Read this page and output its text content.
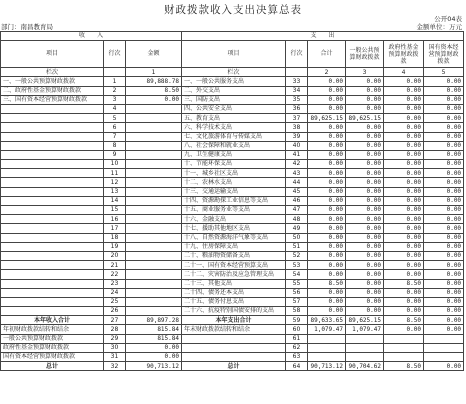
财政拨款收入支出决算总表
公开04表
部门：南昌教育局	金额单位：万元
收　　入			支　　出					
项目	行次	金额	项目	行次	合计	一般公共预算财政拨款	政府性基金预算财政拨款	国有资本经营预算财政拨款
栏次		1	栏次		2	3	4	5
一、一般公共预算财政拨款	1	89,888.78	一、一般公共服务支出	33	0.00	0.00	0.00	0.00
二、政府性基金预算财政拨款	2	8.50	二、外交支出	34	0.00	0.00	0.00	0.00
三、国有资本经营预算财政拨款	3	0.00	三、国防支出	35	0.00	0.00	0.00	0.00
	4		四、公共安全支出	36	0.00	0.00	0.00	0.00
	5		五、教育支出	37	89,625.15	89,625.15	0.00	0.00
	6		六、科学技术支出	38	0.00	0.00	0.00	0.00
	7		七、文化旅游体育与传媒支出	39	0.00	0.00	0.00	0.00
	8		八、社会保障和就业支出	40	0.00	0.00	0.00	0.00
	9		九、卫生健康支出	41	0.00	0.00	0.00	0.00
	10		十、节能环保支出	42	0.00	0.00	0.00	0.00
	11		十一、城乡社区支出	43	0.00	0.00	0.00	0.00
	12		十二、农林水支出	44	0.00	0.00	0.00	0.00
	13		十三、交通运输支出	45	0.00	0.00	0.00	0.00
	14		十四、资源勘探工业信息等支出	46	0.00	0.00	0.00	0.00
	15		十五、商业服务业等支出	47	0.00	0.00	0.00	0.00
	16		十六、金融支出	48	0.00	0.00	0.00	0.00
	17		十七、援助其他地区支出	49	0.00	0.00	0.00	0.00
	18		十八、自然资源海洋气象等支出	50	0.00	0.00	0.00	0.00
	19		十九、住房保障支出	51	0.00	0.00	0.00	0.00
	20		二十、粮油物资储备支出	52	0.00	0.00	0.00	0.00
	21		二十一、国有资本经营预算支出	53	0.00	0.00	0.00	0.00
	22		二十二、灾害防治及应急管理支出	54	0.00	0.00	0.00	0.00
	23		二十三、其他支出	55	8.50	0.00	8.50	0.00
	24		二十四、债务还本支出	56	0.00	0.00	0.00	0.00
	25		二十五、债务付息支出	57	0.00	0.00	0.00	0.00
	26		二十六、抗疫特别国债安排的支出	58	0.00	0.00	0.00	0.00
本年收入合计	27	89,897.28	本年支出合计	59	89,633.65	89,625.15	8.50	0.00
年初财政拨款结转和结余	28	815.84	年末财政拨款结转和结余	60	1,079.47	1,079.47	0.00	0.00
一般公共预算财政拨款	29	815.84		61				
政府性基金预算财政拨款	30	0.00		62				
国有资本经营预算财政拨款	31	0.00		63				
总计	32	90,713.12	总计	64	90,713.12	90,704.62	8.50	0.00
